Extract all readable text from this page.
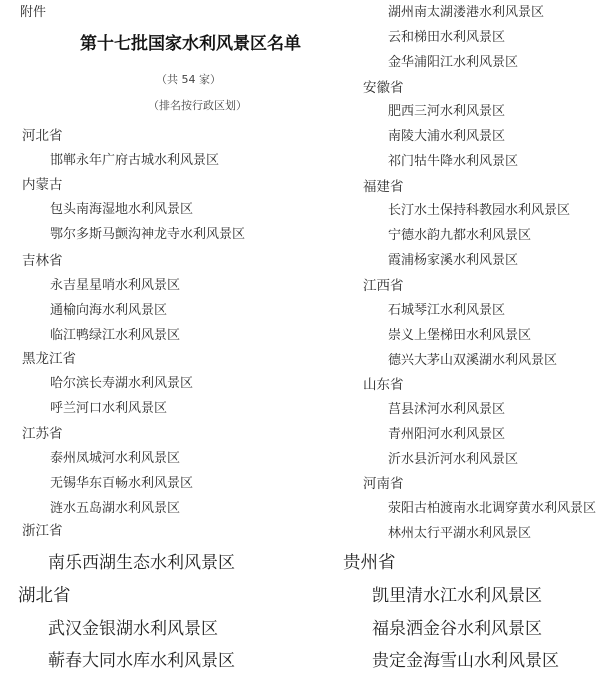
附件
第十七批国家水利风景区名单
（共 54 家）
（排名按行政区划）
河北省
邯郸永年广府古城水利风景区
内蒙古
包头南海湿地水利风景区
鄂尔多斯马颤沟神龙寺水利风景区
吉林省
永吉星星哨水利风景区
通榆向海水利风景区
临江鸭绿江水利风景区
黑龙江省
哈尔滨长寿湖水利风景区
呼兰河口水利风景区
江苏省
泰州凤城河水利风景区
无锡华东百畅水利风景区
涟水五岛湖水利风景区
浙江省
湖州南太湖溇港水利风景区
云和梯田水利风景区
金华浦阳江水利风景区
安徽省
肥西三河水利风景区
南陵大浦水利风景区
祁门牯牛降水利风景区
福建省
长汀水土保持科教园水利风景区
宁德水韵九都水利风景区
霞浦杨家溪水利风景区
江西省
石城琴江水利风景区
崇义上堡梯田水利风景区
德兴大茅山双溪湖水利风景区
山东省
莒县沭河水利风景区
青州阳河水利风景区
沂水县沂河水利风景区
河南省
荥阳古柏渡南水北调穿黄水利风景区
林州太行平湖水利风景区
南乐西湖生态水利风景区
湖北省
武汉金银湖水利风景区
蕲春大同水库水利风景区
贵州省
凯里清水江水利风景区
福泉洒金谷水利风景区
贵定金海雪山水利风景区
